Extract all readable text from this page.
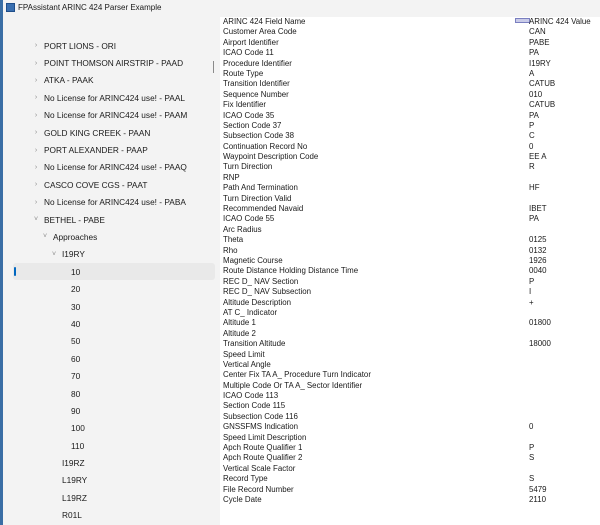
FPAssistant ARINC 424 Parser Example
› PORT LIONS - ORI
› POINT THOMSON AIRSTRIP - PAAD
› ATKA - PAAK
› No License for ARINC424 use! - PAAL
› No License for ARINC424 use! - PAAM
› GOLD KING CREEK - PAAN
› PORT ALEXANDER - PAAP
› No License for ARINC424 use! - PAAQ
› CASCO COVE CGS - PAAT
› No License for ARINC424 use! - PABA
˅ BETHEL - PABE
˅ Approaches
˅ I19RY
10
20
30
40
50
60
70
80
90
100
110
I19RZ
L19RY
L19RZ
R01L
ARINC 424 Field Name	ARINC 424 Value
Customer Area Code	CAN
Airport Identifier	PABE
ICAO Code 11	PA
Procedure Identifier	I19RY
Route Type	A
Transition Identifier	CATUB
Sequence Number	010
Fix Identifier	CATUB
ICAO Code 35	PA
Section Code 37	P
Subsection Code 38	C
Continuation Record No	0
Waypoint Description Code	EE A
Turn Direction	R
RNP
Path And Termination	HF
Turn Direction Valid
Recommended Navaid	IBET
ICAO Code 55	PA
Arc Radius
Theta	0125
Rho	0132
Magnetic Course	1926
Route Distance Holding Distance Time	0040
REC D_ NAV Section	P
REC D_ NAV Subsection	I
Altitude Description	+
AT C_ Indicator
Altitude 1	01800
Altitude 2
Transition Altitude	18000
Speed Limit
Vertical Angle
Center Fix TA A_ Procedure Turn Indicator
Multiple Code Or TA A_ Sector Identifier
ICAO Code 113
Section Code 115
Subsection Code 116
GNSSFMS Indication	0
Speed Limit Description
Apch Route Qualifier 1	P
Apch Route Qualifier 2	S
Vertical Scale Factor
Record Type	S
File Record Number	5479
Cycle Date	2110
